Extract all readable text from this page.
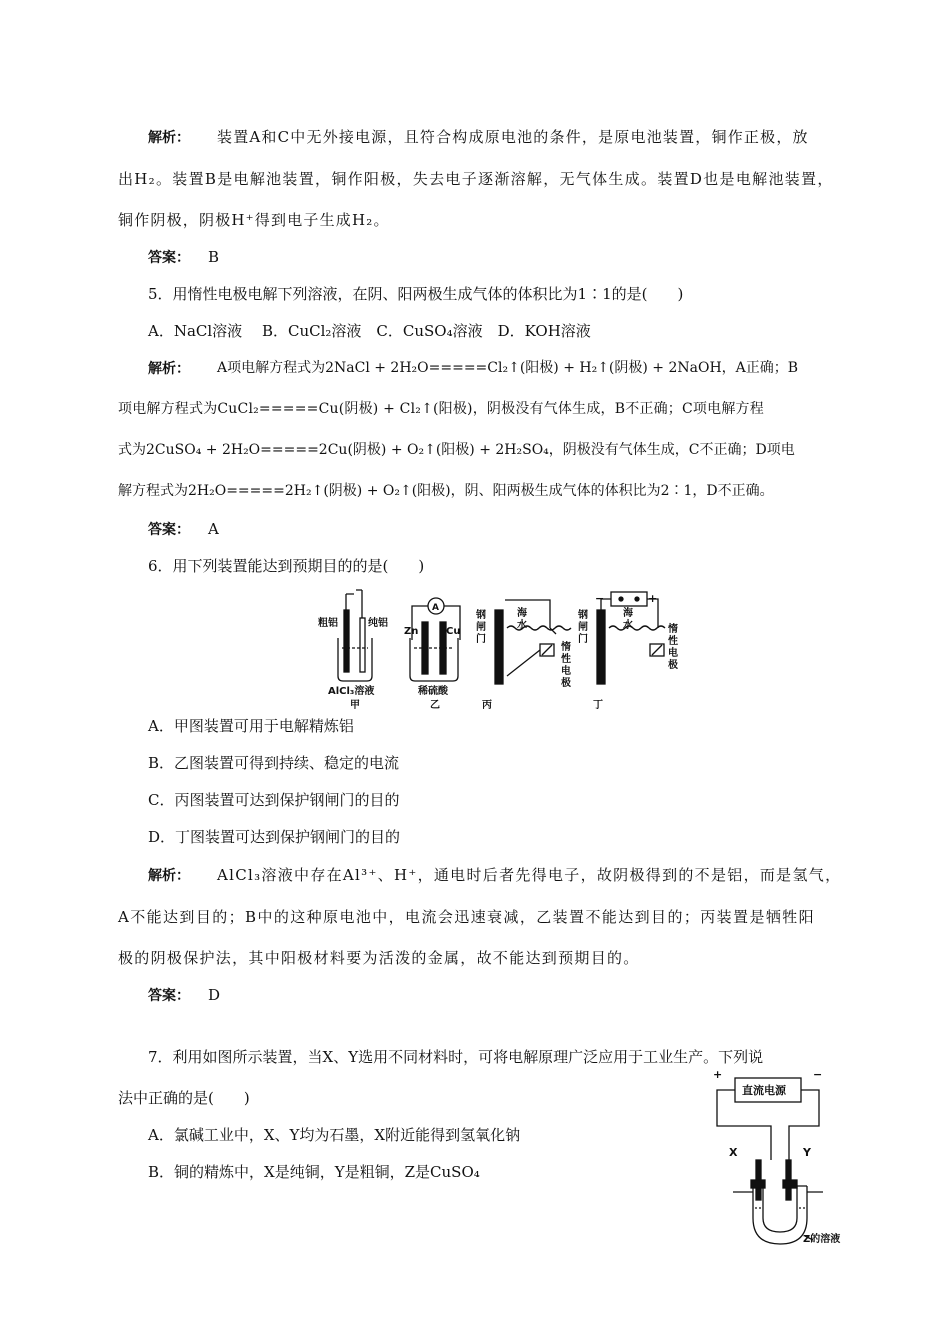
解析： 装置A和C中无外接电源，且符合构成原电池的条件，是原电池装置，铜作正极，放
出H₂。装置B是电解池装置，铜作阳极，失去电子逐渐溶解，无气体生成。装置D也是电解池装置，
铜作阴极，阴极H⁺得到电子生成H₂。
答案： B
5．用惰性电极电解下列溶液，在阴、阳两极生成气体的体积比为1∶1的是(　　)
A．NaCl溶液　 B．CuCl₂溶液　C．CuSO₄溶液　D．KOH溶液
解析： A项电解方程式为2NaCl + 2H₂O=====Cl₂↑(阳极) + H₂↑(阴极) + 2NaOH，A正确；B
项电解方程式为CuCl₂=====Cu(阴极) + Cl₂↑(阳极)，阴极没有气体生成，B不正确；C项电解方程
式为2CuSO₄ + 2H₂O=====2Cu(阴极) + O₂↑(阳极) + 2H₂SO₄，阴极没有气体生成，C不正确；D项电
解方程式为2H₂O=====2H₂↑(阴极) + O₂↑(阳极)，阴、阳两极生成气体的体积比为2∶1，D不正确。
答案： A
6．用下列装置能达到预期目的的是(　　)
粗铝	纯铝
AlCl₃溶液
甲
A
Zn	Cu
稀硫酸
乙	丙	丁
−	+
钢闸门
海水
惰性电极
钢闸门
海水	惰性电极
A．甲图装置可用于电解精炼铝
B．乙图装置可得到持续、稳定的电流
C．丙图装置可达到保护钢闸门的目的
D．丁图装置可达到保护钢闸门的目的
解析： AlCl₃溶液中存在Al³⁺、H⁺，通电时后者先得电子，故阴极得到的不是铝，而是氢气，
A不能达到目的；B中的这种原电池中，电流会迅速衰减，乙装置不能达到目的；丙装置是牺牲阳
极的阴极保护法，其中阳极材料要为活泼的金属，故不能达到预期目的。
答案： D
7．利用如图所示装置，当X、Y选用不同材料时，可将电解原理广泛应用于工业生产。下列说
法中正确的是(　　)
A．氯碱工业中，X、Y均为石墨，X附近能得到氢氧化钠
B．铜的精炼中，X是纯铜，Y是粗铜，Z是CuSO₄
+	−
直流电源
X	Y
Z的溶液
